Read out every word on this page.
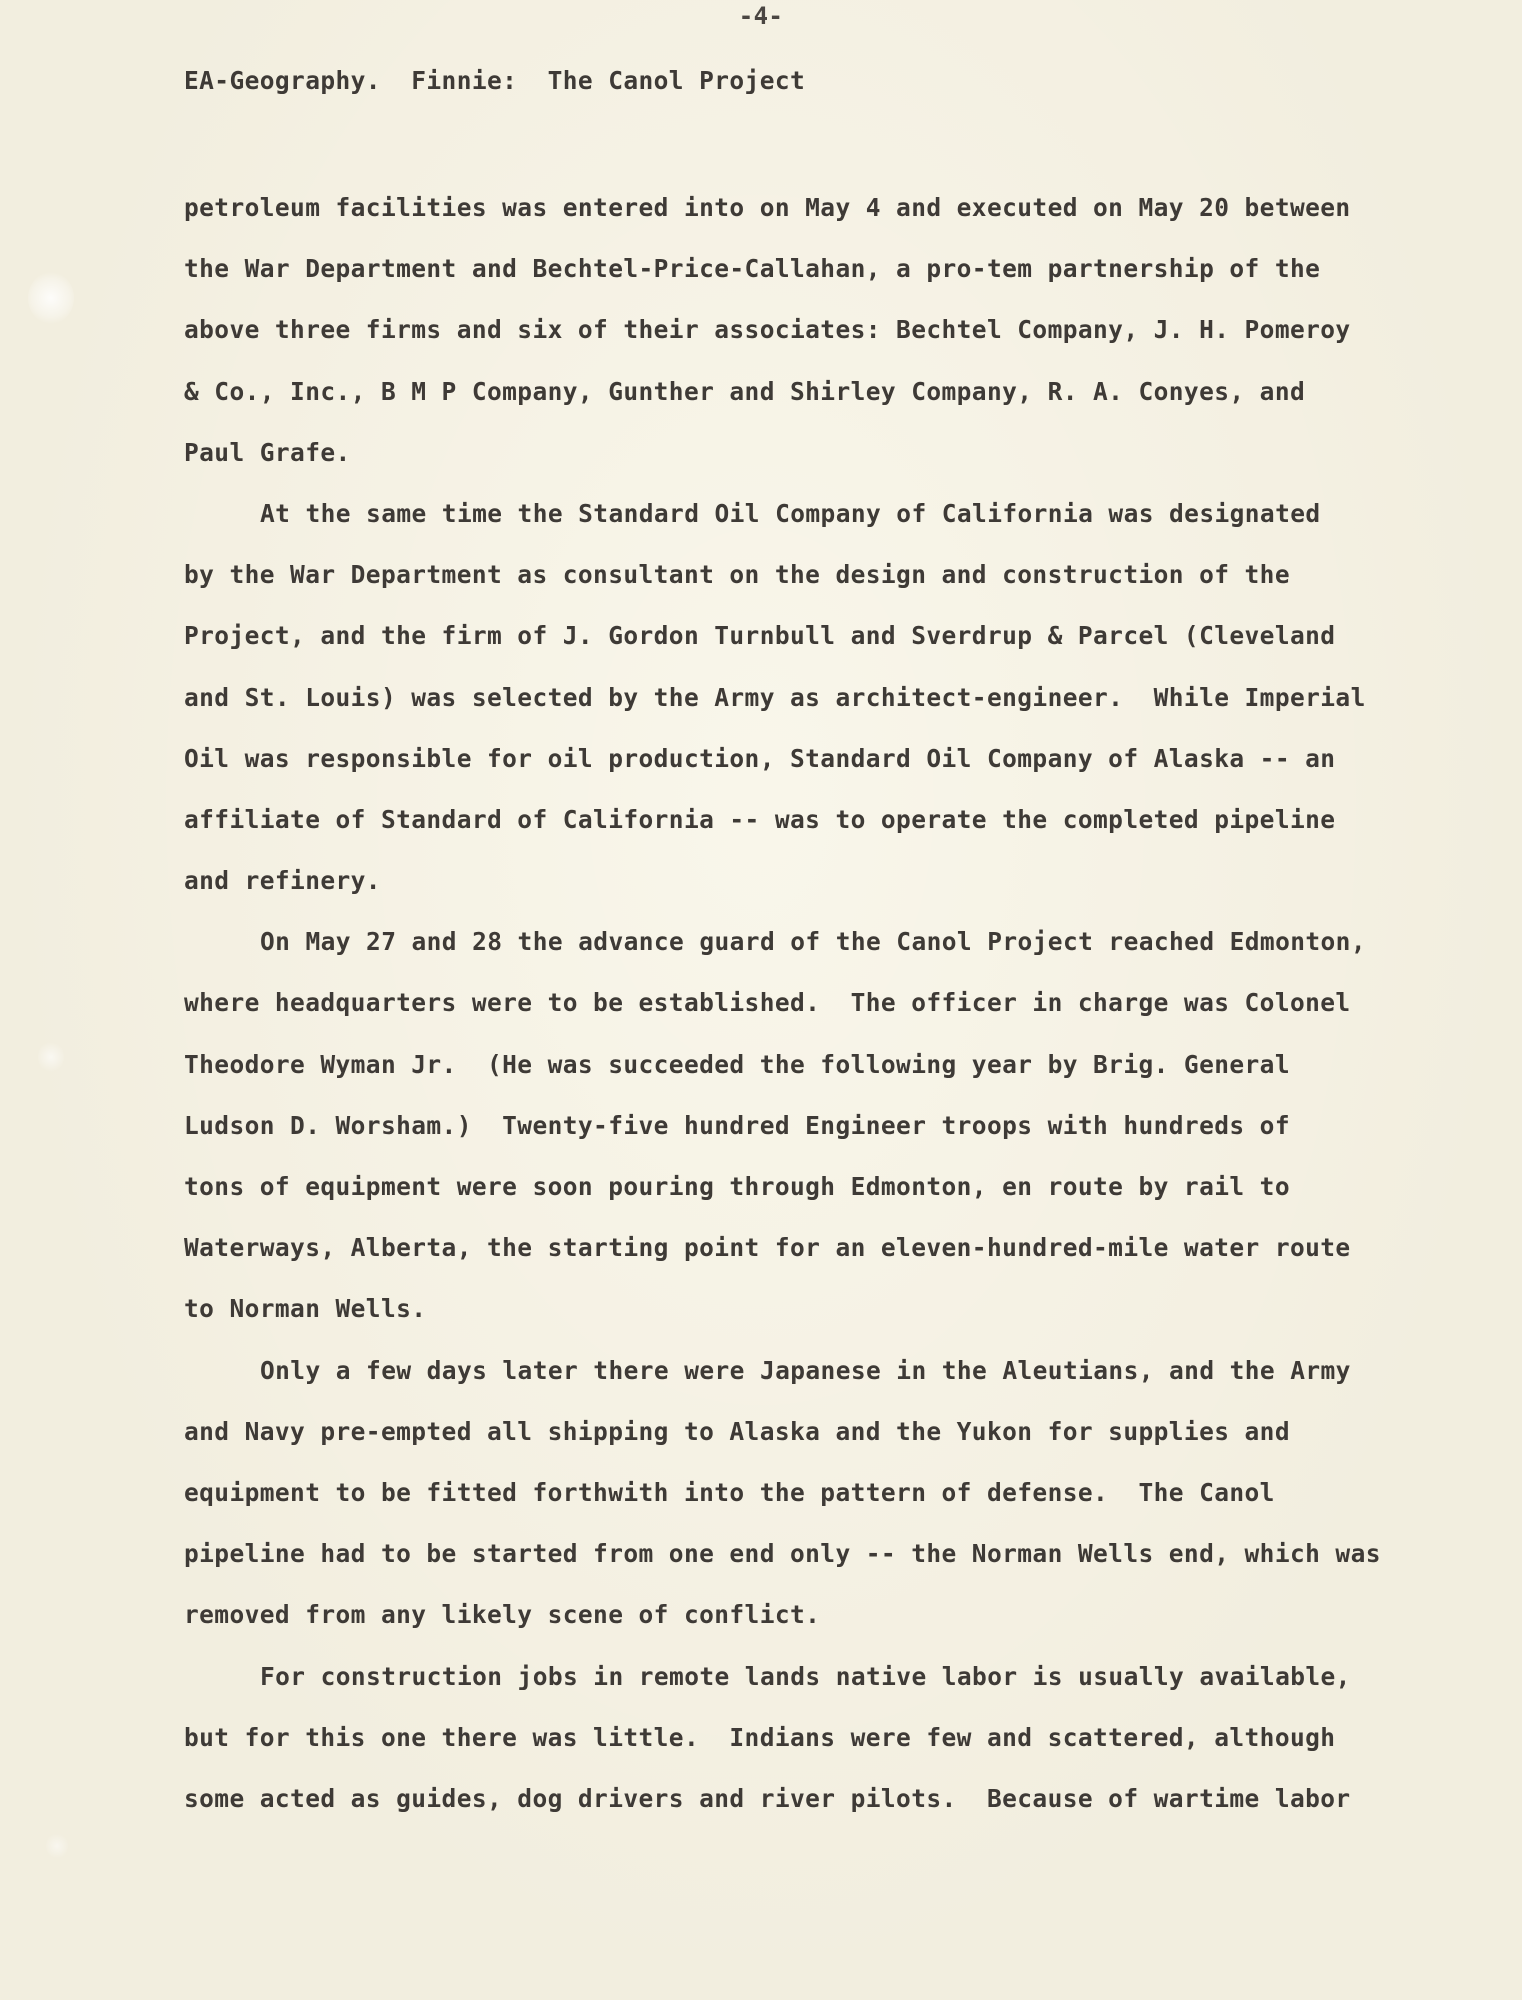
-4-
EA-Geography.  Finnie:  The Canol Project
petroleum facilities was entered into on May 4 and executed on May 20 between
the War Department and Bechtel-Price-Callahan, a pro-tem partnership of the
above three firms and six of their associates: Bechtel Company, J. H. Pomeroy
& Co., Inc., B M P Company, Gunther and Shirley Company, R. A. Conyes, and
Paul Grafe.
At the same time the Standard Oil Company of California was designated
by the War Department as consultant on the design and construction of the
Project, and the firm of J. Gordon Turnbull and Sverdrup & Parcel (Cleveland
and St. Louis) was selected by the Army as architect-engineer.  While Imperial
Oil was responsible for oil production, Standard Oil Company of Alaska -- an
affiliate of Standard of California -- was to operate the completed pipeline
and refinery.
On May 27 and 28 the advance guard of the Canol Project reached Edmonton,
where headquarters were to be established.  The officer in charge was Colonel
Theodore Wyman Jr.  (He was succeeded the following year by Brig. General
Ludson D. Worsham.)  Twenty-five hundred Engineer troops with hundreds of
tons of equipment were soon pouring through Edmonton, en route by rail to
Waterways, Alberta, the starting point for an eleven-hundred-mile water route
to Norman Wells.
Only a few days later there were Japanese in the Aleutians, and the Army
and Navy pre-empted all shipping to Alaska and the Yukon for supplies and
equipment to be fitted forthwith into the pattern of defense.  The Canol
pipeline had to be started from one end only -- the Norman Wells end, which was
removed from any likely scene of conflict.
For construction jobs in remote lands native labor is usually available,
but for this one there was little.  Indians were few and scattered, although
some acted as guides, dog drivers and river pilots.  Because of wartime labor
